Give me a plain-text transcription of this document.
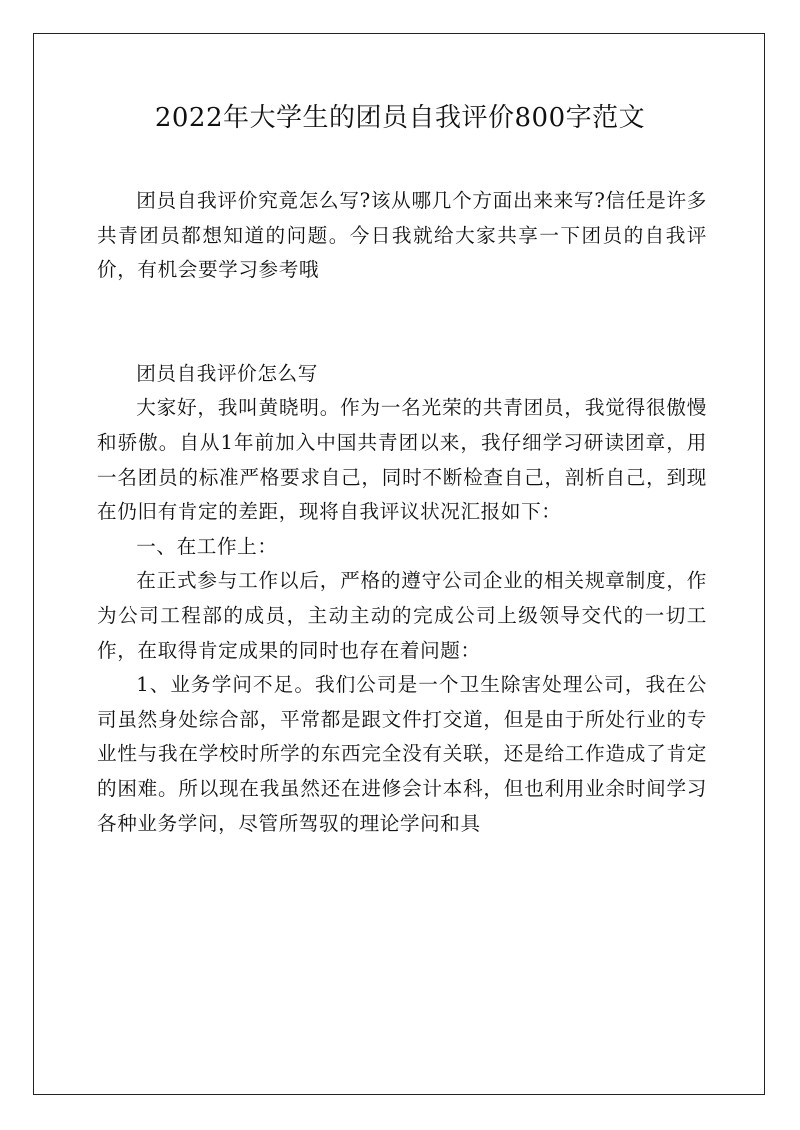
2022年大学生的团员自我评价800字范文

团员自我评价究竟怎么写?该从哪几个方面出来来写?信任是许多共青团员都想知道的问题。今日我就给大家共享一下团员的自我评价，有机会要学习参考哦

团员自我评价怎么写

大家好，我叫黄晓明。作为一名光荣的共青团员，我觉得很傲慢和骄傲。自从1年前加入中国共青团以来，我仔细学习研读团章，用一名团员的标准严格要求自己，同时不断检查自己，剖析自己，到现在仍旧有肯定的差距，现将自我评议状况汇报如下：

一、在工作上：

在正式参与工作以后，严格的遵守公司企业的相关规章制度，作为公司工程部的成员，主动主动的完成公司上级领导交代的一切工作，在取得肯定成果的同时也存在着问题：

1、业务学问不足。我们公司是一个卫生除害处理公司，我在公司虽然身处综合部，平常都是跟文件打交道，但是由于所处行业的专业性与我在学校时所学的东西完全没有关联，还是给工作造成了肯定的困难。所以现在我虽然还在进修会计本科，但也利用业余时间学习各种业务学问，尽管所驾驭的理论学问和具
